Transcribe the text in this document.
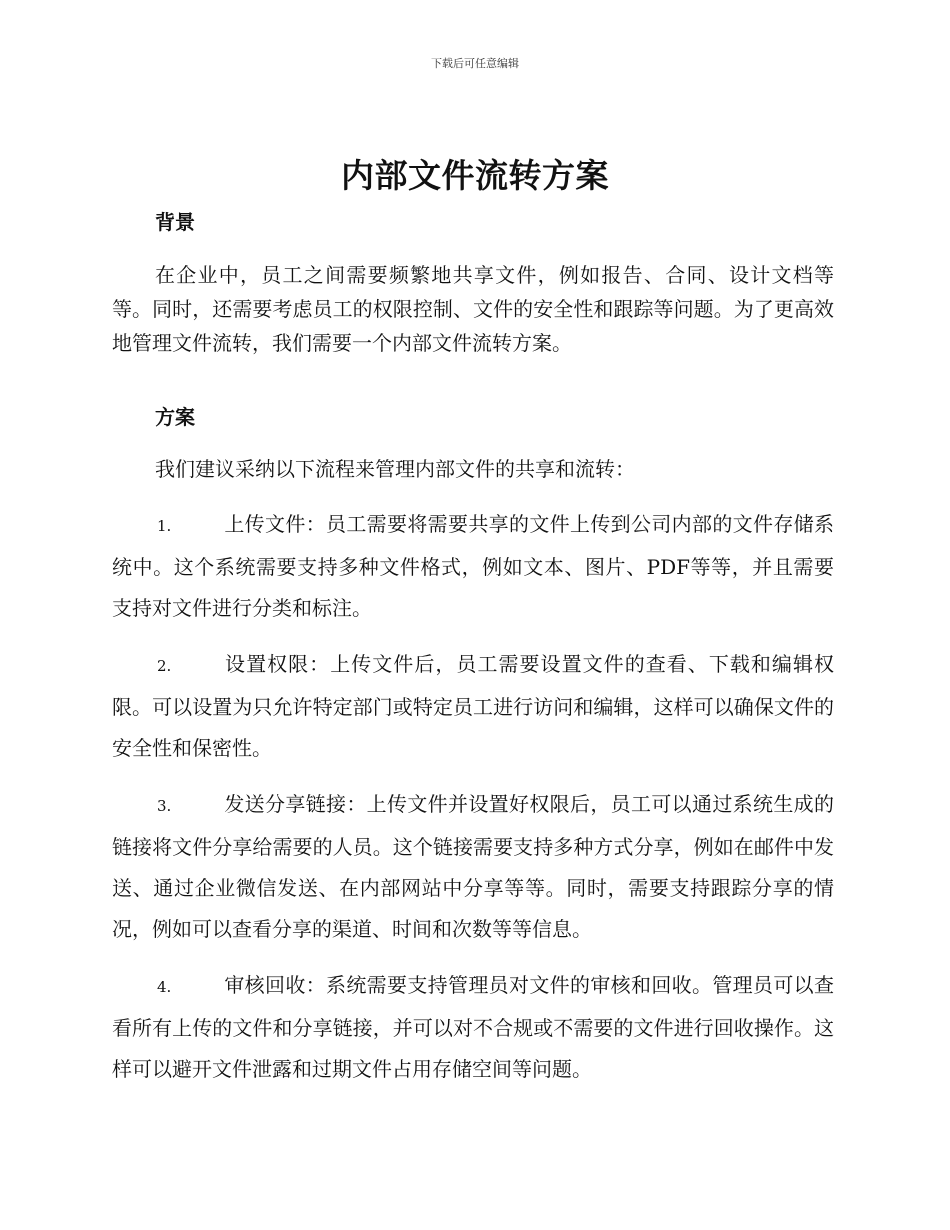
下载后可任意编辑
内部文件流转方案
背景

在企业中，员工之间需要频繁地共享文件，例如报告、合同、设计文档等等。同时，还需要考虑员工的权限控制、文件的安全性和跟踪等问题。为了更高效地管理文件流转，我们需要一个内部文件流转方案。

方案

我们建议采纳以下流程来管理内部文件的共享和流转：

1.	上传文件：员工需要将需要共享的文件上传到公司内部的文件存储系统中。这个系统需要支持多种文件格式，例如文本、图片、PDF等等，并且需要支持对文件进行分类和标注。
2.	设置权限：上传文件后，员工需要设置文件的查看、下载和编辑权限。可以设置为只允许特定部门或特定员工进行访问和编辑，这样可以确保文件的安全性和保密性。
3.	发送分享链接：上传文件并设置好权限后，员工可以通过系统生成的链接将文件分享给需要的人员。这个链接需要支持多种方式分享，例如在邮件中发送、通过企业微信发送、在内部网站中分享等等。同时，需要支持跟踪分享的情况，例如可以查看分享的渠道、时间和次数等等信息。
4.	审核回收：系统需要支持管理员对文件的审核和回收。管理员可以查看所有上传的文件和分享链接，并可以对不合规或不需要的文件进行回收操作。这样可以避开文件泄露和过期文件占用存储空间等问题。
